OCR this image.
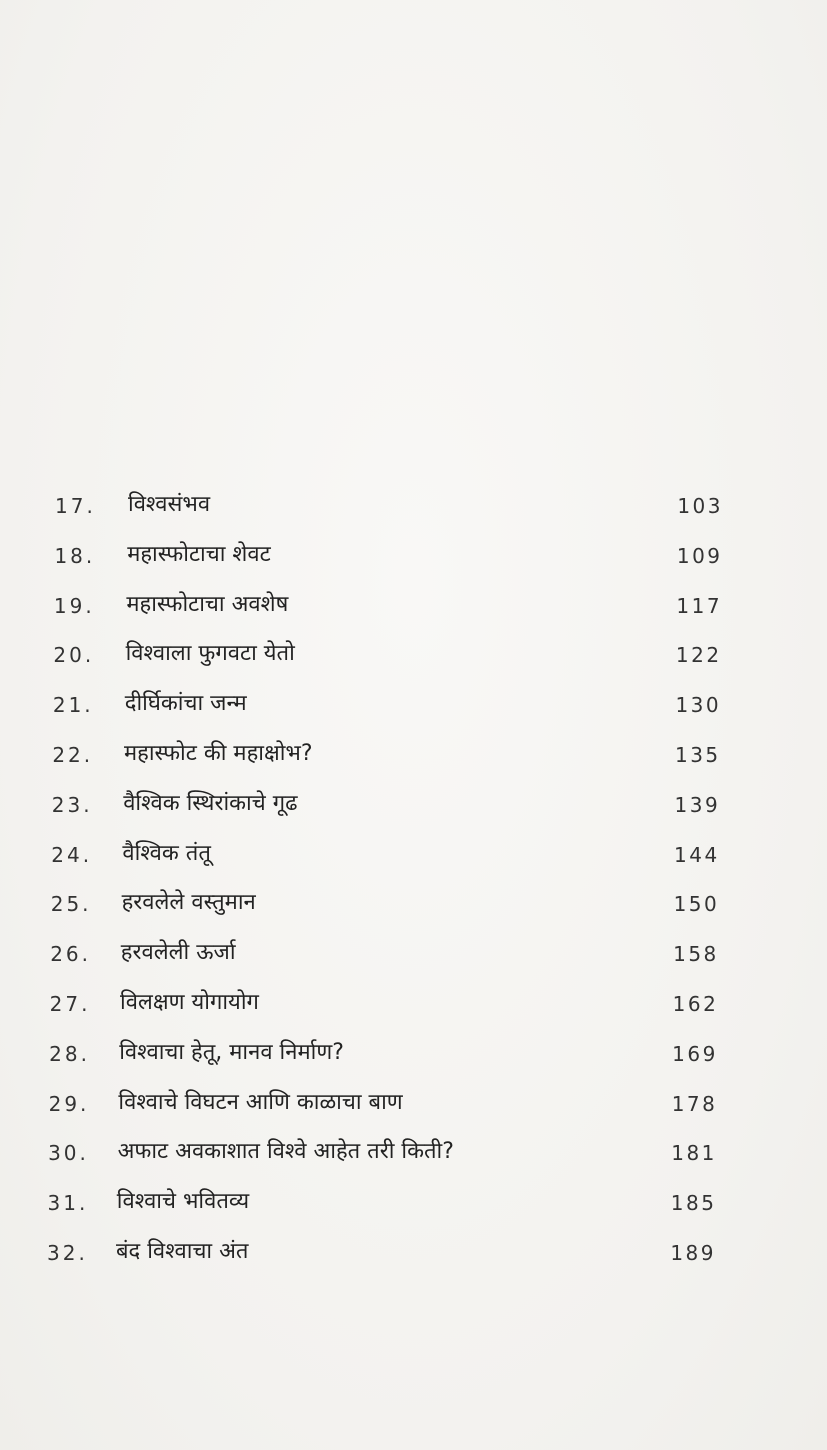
17. विश्वसंभव	103
18. महास्फोटाचा शेवट	109
19. महास्फोटाचा अवशेष	117
20. विश्वाला फुगवटा येतो	122
21. दीर्घिकांचा जन्म	130
22. महास्फोट की महाक्षोभ?	135
23. वैश्विक स्थिरांकाचे गूढ	139
24. वैश्विक तंतू	144
25. हरवलेले वस्तुमान	150
26. हरवलेली ऊर्जा	158
27. विलक्षण योगायोग	162
28. विश्वाचा हेतू, मानव निर्माण?	169
29. विश्वाचे विघटन आणि काळाचा बाण	178
30. अफाट अवकाशात विश्वे आहेत तरी किती?	181
31. विश्वाचे भवितव्य	185
32. बंद विश्वाचा अंत	189
